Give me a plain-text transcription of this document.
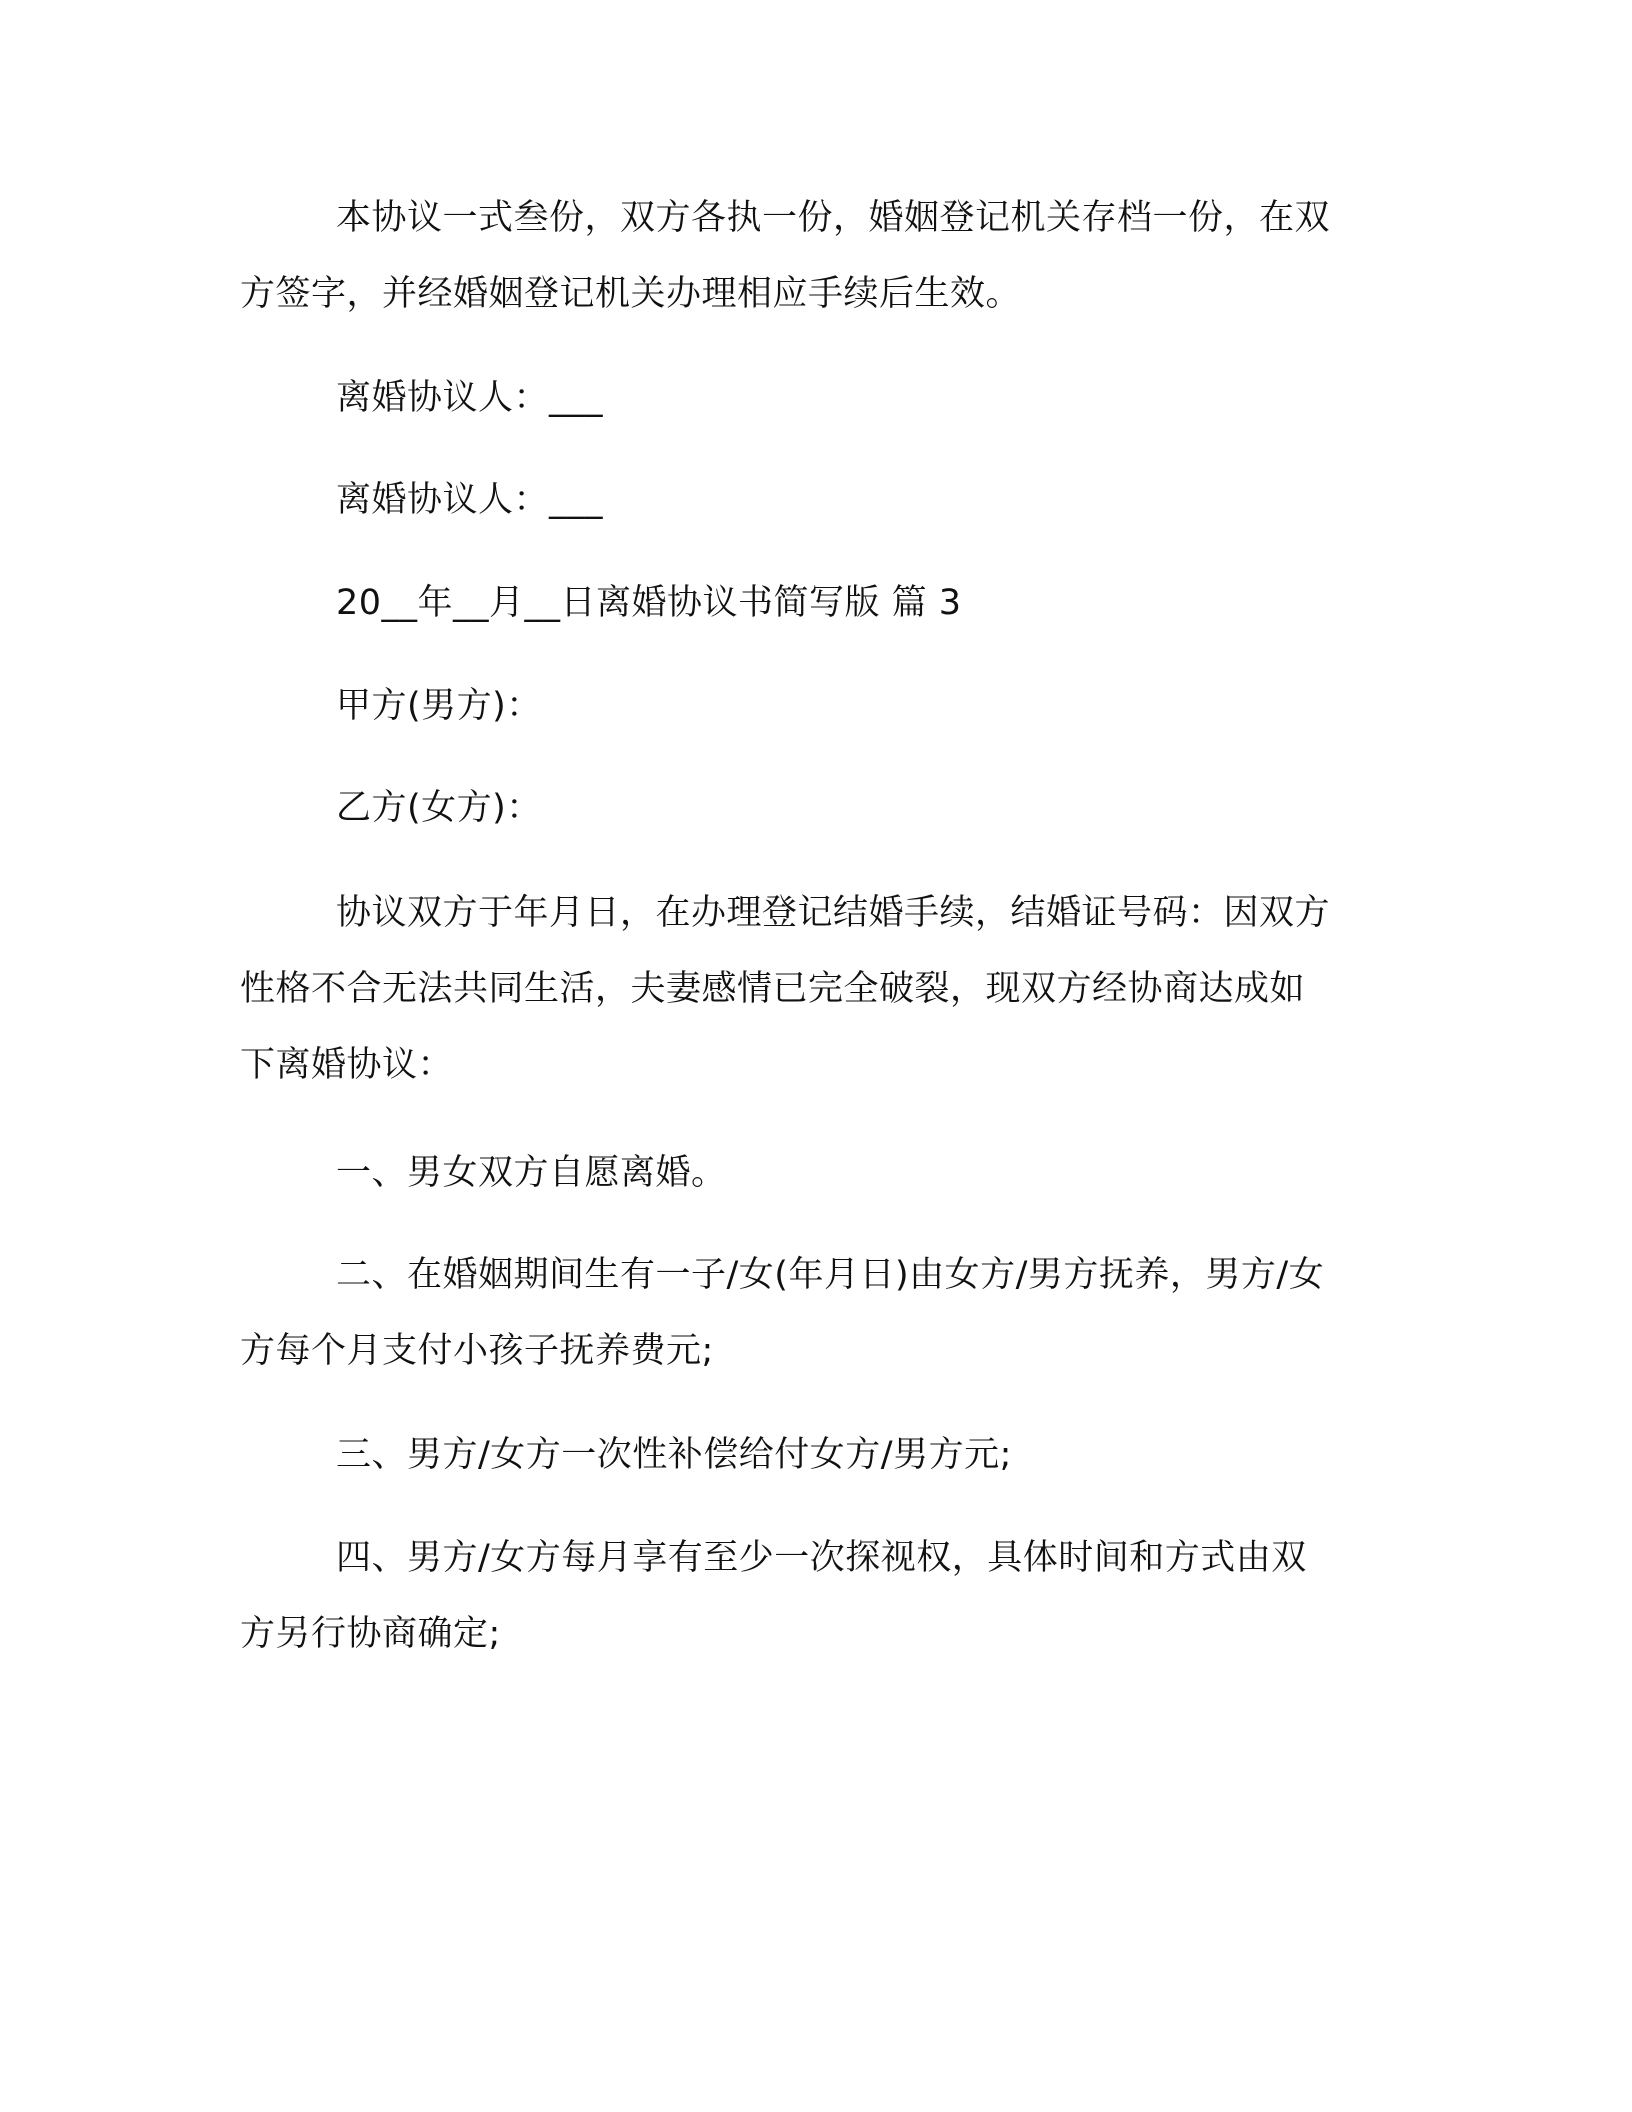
本协议一式叁份，双方各执一份，婚姻登记机关存档一份，在双
方签字，并经婚姻登记机关办理相应手续后生效。
离婚协议人：___
离婚协议人：___
20__年__月__日离婚协议书简写版 篇 3
甲方(男方)：
乙方(女方)：
协议双方于年月日，在办理登记结婚手续，结婚证号码：因双方
性格不合无法共同生活，夫妻感情已完全破裂，现双方经协商达成如
下离婚协议：
一、男女双方自愿离婚。
二、在婚姻期间生有一子/女(年月日)由女方/男方抚养，男方/女
方每个月支付小孩子抚养费元;
三、男方/女方一次性补偿给付女方/男方元;
四、男方/女方每月享有至少一次探视权，具体时间和方式由双
方另行协商确定;
